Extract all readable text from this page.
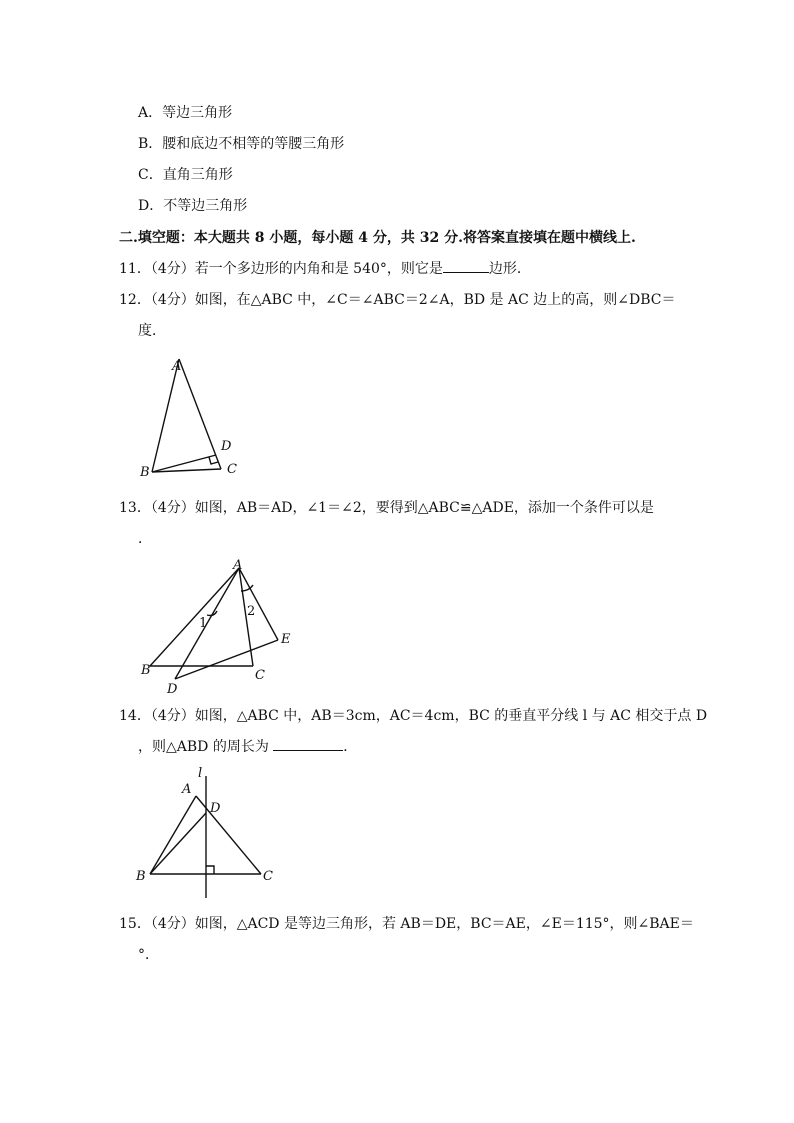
A．等边三角形
B．腰和底边不相等的等腰三角形
C．直角三角形
D．不等边三角形
二.填空题：本大题共 8 小题，每小题 4 分，共 32 分.将答案直接填在题中横线上.
11．（4分）若一个多边形的内角和是 540°，则它是	边形．
12．（4分）如图，在△ABC 中，∠C＝∠ABC＝2∠A，BD 是 AC 边上的高，则∠DBC＝
度．
A
B	C
D
13．（4分）如图，AB＝AD，∠1＝∠2，要得到△ABC≌△ADE，添加一个条件可以是
．
A
B	C
D
E
1
2
14．（4分）如图，△ABC 中，AB＝3cm，AC＝4cm，BC 的垂直平分线 l 与 AC 相交于点 D
，则△ABD 的周长为	．
l
A
D
B	C
15．（4分）如图，△ACD 是等边三角形，若 AB＝DE，BC＝AE，∠E＝115°，则∠BAE＝
°．
